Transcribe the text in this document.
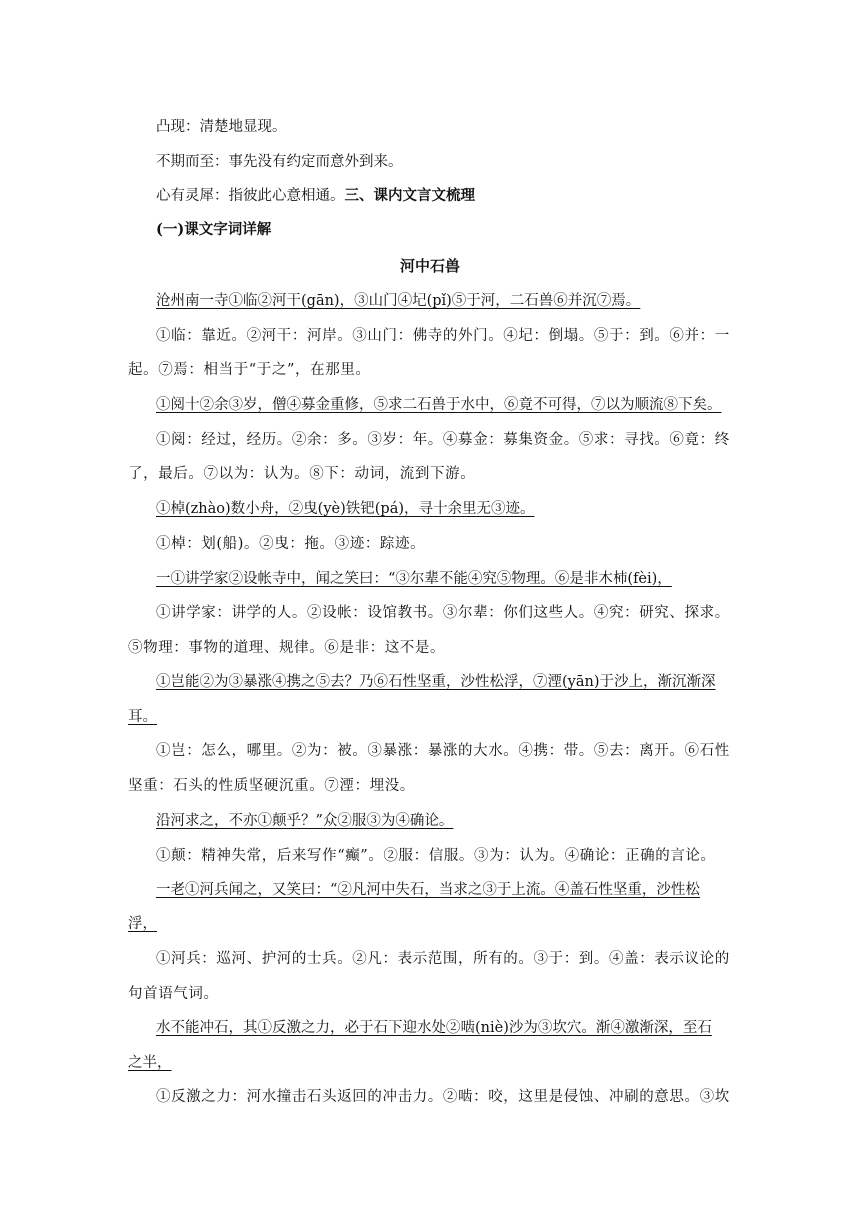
凸现：清楚地显现。
不期而至：事先没有约定而意外到来。
心有灵犀：指彼此心意相通。三、课内文言文梳理
(一)课文字词详解
河中石兽
沧州南一寺①临②河干(gān)，③山门④圮(pǐ)⑤于河，二石兽⑥并沉⑦焉。
①临：靠近。②河干：河岸。③山门：佛寺的外门。④圮：倒塌。⑤于：到。⑥并：一
起。⑦焉：相当于“于之”，在那里。
①阅十②余③岁，僧④募金重修，⑤求二石兽于水中，⑥竟不可得，⑦以为顺流⑧下矣。
①阅：经过，经历。②余：多。③岁：年。④募金：募集资金。⑤求：寻找。⑥竟：终
了，最后。⑦以为：认为。⑧下：动词，流到下游。
①棹(zhào)数小舟，②曳(yè)铁钯(pá)，寻十余里无③迹。
①棹：划(船)。②曳：拖。③迹：踪迹。
一①讲学家②设帐寺中，闻之笑曰：“③尔辈不能④究⑤物理。⑥是非木杮(fèi)，
①讲学家：讲学的人。②设帐：设馆教书。③尔辈：你们这些人。④究：研究、探求。
⑤物理：事物的道理、规律。⑥是非：这不是。
①岂能②为③暴涨④携之⑤去？乃⑥石性坚重，沙性松浮，⑦湮(yān)于沙上，渐沉渐深
耳。
①岂：怎么，哪里。②为：被。③暴涨：暴涨的大水。④携：带。⑤去：离开。⑥石性
坚重：石头的性质坚硬沉重。⑦湮：埋没。
沿河求之，不亦①颠乎？”众②服③为④确论。
①颠：精神失常，后来写作“癫”。②服：信服。③为：认为。④确论：正确的言论。
一老①河兵闻之，又笑曰：“②凡河中失石，当求之③于上流。④盖石性坚重，沙性松
浮，
①河兵：巡河、护河的士兵。②凡：表示范围，所有的。③于：到。④盖：表示议论的
句首语气词。
水不能冲石，其①反激之力，必于石下迎水处②啮(niè)沙为③坎穴。渐④激渐深，至石
之半，
①反激之力：河水撞击石头返回的冲击力。②啮：咬，这里是侵蚀、冲刷的意思。③坎
